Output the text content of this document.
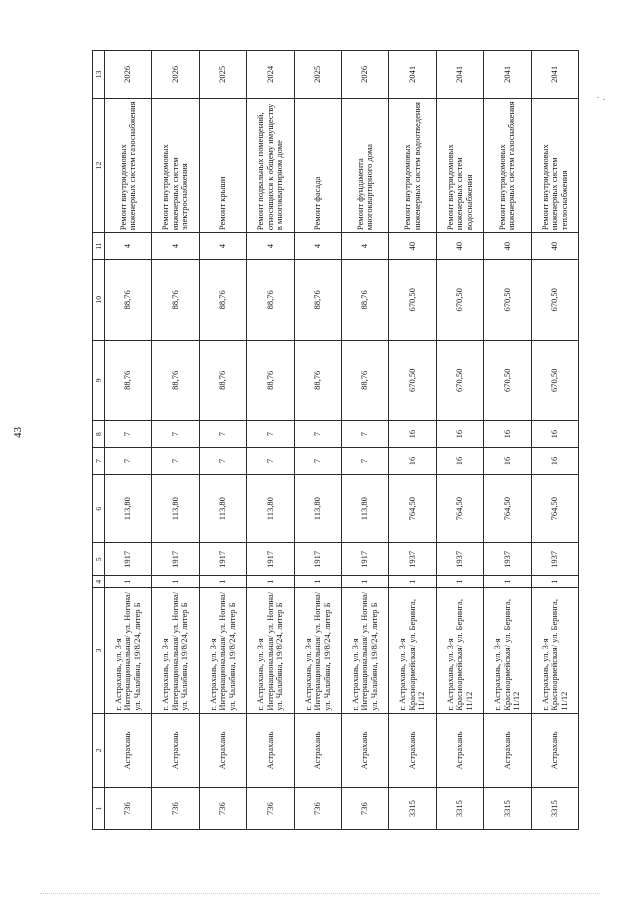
43
1	2	3	4	5	6	7	8	9	10	11	12	13
736	Астрахань	г. Астрахань, ул. 3-я Интернациональная/ ул. Ногина/ ул. Чалабяна, 19/8/24, литер Б	1	1917	113,80	7	7	88,76	88,76	4	Ремонт внутридомовых инженерных систем газоснабжения	2026
736	Астрахань	г. Астрахань, ул. 3-я Интернациональная/ ул. Ногина/ ул. Чалабяна, 19/8/24, литер Б	1	1917	113,80	7	7	88,76	88,76	4	Ремонт внутридомовых инженерных систем электроснабжения	2026
736	Астрахань	г. Астрахань, ул. 3-я Интернациональная/ ул. Ногина/ ул. Чалабяна, 19/8/24, литер Б	1	1917	113,80	7	7	88,76	88,76	4	Ремонт крыши	2025
736	Астрахань	г. Астрахань, ул. 3-я Интернациональная/ ул. Ногина/ ул. Чалабяна, 19/8/24, литер Б	1	1917	113,80	7	7	88,76	88,76	4	Ремонт подвальных помещений, относящихся к общему имуществу в многоквартирном доме	2024
736	Астрахань	г. Астрахань, ул. 3-я Интернациональная/ ул. Ногина/ ул. Чалабяна, 19/8/24, литер Б	1	1917	113,80	7	7	88,76	88,76	4	Ремонт фасада	2025
736	Астрахань	г. Астрахань, ул. 3-я Интернациональная/ ул. Ногина/ ул. Чалабяна, 19/8/24, литер Б	1	1917	113,80	7	7	88,76	88,76	4	Ремонт фундамента многоквартирного дома	2026
3315	Астрахань	г. Астрахань, ул. 3-я Красноармейская/ ул. Беринга, 11/12	1	1937	764,50	16	16	670,50	670,50	40	Ремонт внутридомовых инженерных систем водоотведения	2041
3315	Астрахань	г. Астрахань, ул. 3-я Красноармейская/ ул. Беринга, 11/12	1	1937	764,50	16	16	670,50	670,50	40	Ремонт внутридомовых инженерных систем водоснабжения	2041
3315	Астрахань	г. Астрахань, ул. 3-я Красноармейская/ ул. Беринга, 11/12	1	1937	764,50	16	16	670,50	670,50	40	Ремонт внутридомовых инженерных систем газоснабжения	2041
3315	Астрахань	г. Астрахань, ул. 3-я Красноармейская/ ул. Беринга, 11/12	1	1937	764,50	16	16	670,50	670,50	40	Ремонт внутридомовых инженерных систем теплоснабжения	2041
